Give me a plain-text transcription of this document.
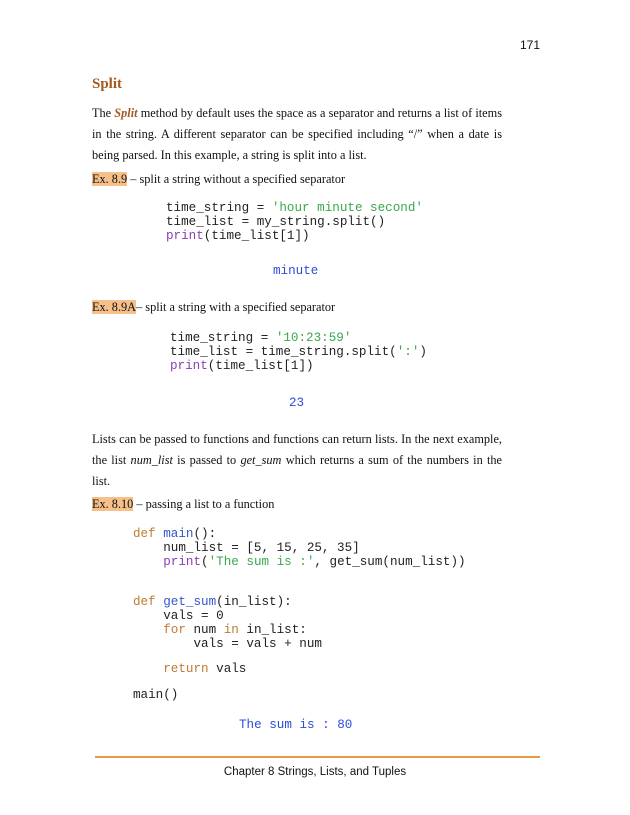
171
Split
The Split method by default uses the space as a separator and returns a list of items in the string. A different separator can be specified including “/” when a date is being parsed. In this example, a string is split into a list.
Ex. 8.9 – split a string without a specified separator
time_string = 'hour minute second'
time_list = my_string.split()
print(time_list[1])
minute
Ex. 8.9A– split a string with a specified separator
time_string = '10:23:59'
time_list = time_string.split(':')
print(time_list[1])
23
Lists can be passed to functions and functions can return lists. In the next example, the list num_list is passed to get_sum which returns a sum of the numbers in the list.
Ex. 8.10 – passing a list to a function
def main():
num_list = [5, 15, 25, 35]
print('The sum is :', get_sum(num_list))
def get_sum(in_list):
vals = 0
for num in in_list:
vals = vals + num
return vals
main()
The sum is : 80
Chapter 8 Strings, Lists, and Tuples
